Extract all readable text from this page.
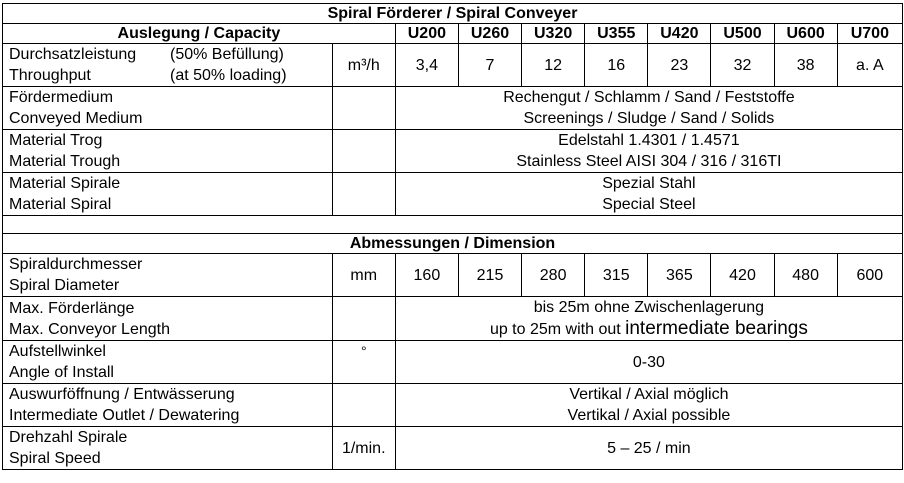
Spiral Förderer / Spiral Conveyer									
Auslegung / Capacity		U200	U260	U320	U355	U420	U500	U600	U700

Durchsatzleistung (50% Befüllung)
Throughput (at 50% loading)	m³/h	3,4	7	12	16	23	32	38	a. A

Fördermedium
Conveyed Medium		Rechengut / Schlamm / Sand / Feststoffe
Screenings / Sludge / Sand / Solids							

Material Trog
Material Trough		Edelstahl 1.4301 / 1.4571
Stainless Steel AISI 304 / 316 / 316TI							

Material Spirale
Material Spiral		Spezial Stahl
Special Steel							

Abmessungen / Dimension									

Spiraldurchmesser
Spiral Diameter	mm	160	215	280	315	365	420	480	600

Max. Förderlänge
Max. Conveyor Length		bis 25m ohne Zwischenlagerung
up to 25m with out intermediate bearings							

Aufstellwinkel
Angle of Install	°	0-30							

Auswurföffnung / Entwässerung
Intermediate Outlet / Dewatering		Vertikal / Axial möglich
Vertikal / Axial possible							

Drehzahl Spirale
Spiral Speed	1/min.	5 – 25 / min							
